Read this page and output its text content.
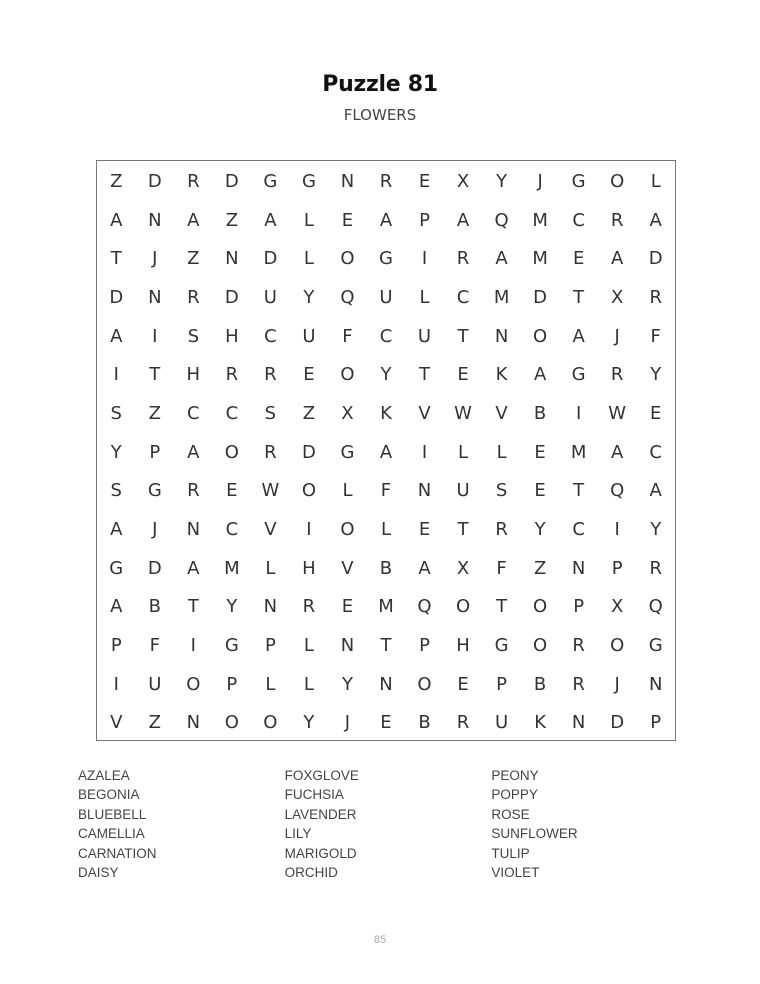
Puzzle 81
FLOWERS
Z	D	R	D	G	G	N	R	E	X	Y	J	G	O	L
A	N	A	Z	A	L	E	A	P	A	Q	M	C	R	A
T	J	Z	N	D	L	O	G	I	R	A	M	E	A	D
D	N	R	D	U	Y	Q	U	L	C	M	D	T	X	R
A	I	S	H	C	U	F	C	U	T	N	O	A	J	F
I	T	H	R	R	E	O	Y	T	E	K	A	G	R	Y
S	Z	C	C	S	Z	X	K	V	W	V	B	I	W	E
Y	P	A	O	R	D	G	A	I	L	L	E	M	A	C
S	G	R	E	W	O	L	F	N	U	S	E	T	Q	A
A	J	N	C	V	I	O	L	E	T	R	Y	C	I	Y
G	D	A	M	L	H	V	B	A	X	F	Z	N	P	R
A	B	T	Y	N	R	E	M	Q	O	T	O	P	X	Q
P	F	I	G	P	L	N	T	P	H	G	O	R	O	G
I	U	O	P	L	L	Y	N	O	E	P	B	R	J	N
V	Z	N	O	O	Y	J	E	B	R	U	K	N	D	P
AZALEA
BEGONIA
BLUEBELL
CAMELLIA
CARNATION
DAISY
FOXGLOVE
FUCHSIA
LAVENDER
LILY
MARIGOLD
ORCHID
PEONY
POPPY
ROSE
SUNFLOWER
TULIP
VIOLET
85
